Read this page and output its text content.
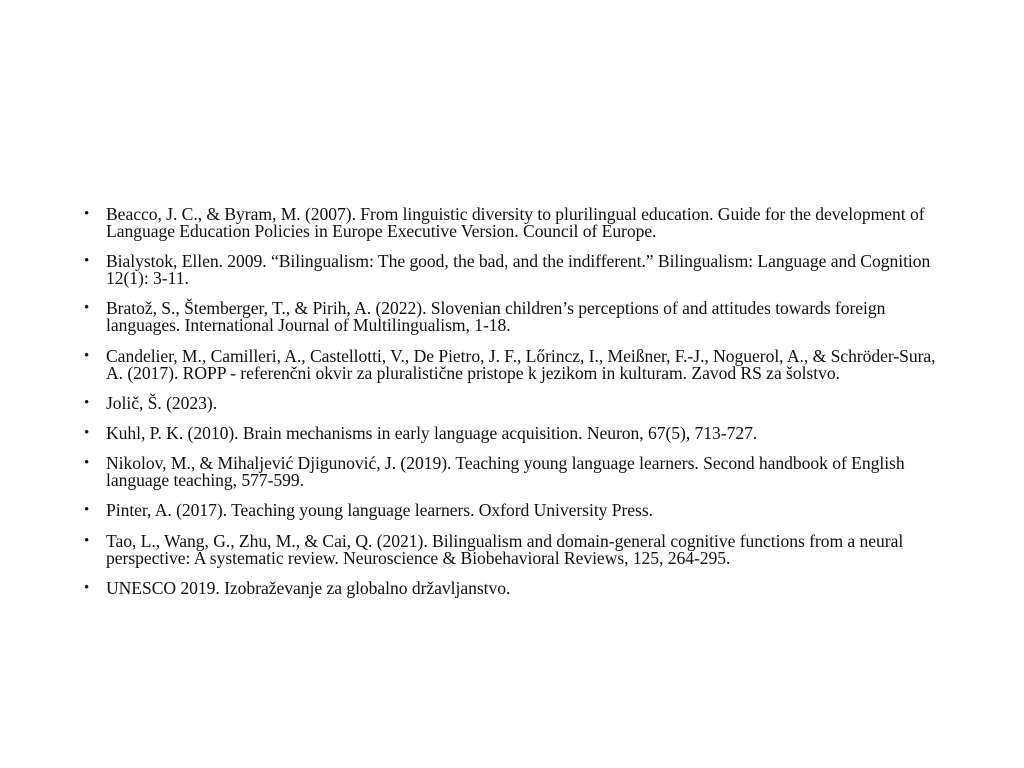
• Beacco, J. C., & Byram, M. (2007). From linguistic diversity to plurilingual education. Guide for the development of Language Education Policies in Europe Executive Version. Council of Europe.
• Bialystok, Ellen. 2009. “Bilingualism: The good, the bad, and the indifferent.” Bilingualism: Language and Cognition 12(1): 3-11.
• Bratož, S., Štemberger, T., & Pirih, A. (2022). Slovenian children’s perceptions of and attitudes towards foreign languages. International Journal of Multilingualism, 1-18.
• Candelier, M., Camilleri, A., Castellotti, V., De Pietro, J. F., Lőrincz, I., Meißner, F.-J., Noguerol, A., & Schröder-Sura, A. (2017). ROPP - referenčni okvir za pluralistične pristope k jezikom in kulturam. Zavod RS za šolstvo.
• Jolič, Š. (2023).
• Kuhl, P. K. (2010). Brain mechanisms in early language acquisition. Neuron, 67(5), 713-727.
• Nikolov, M., & Mihaljević Djigunović, J. (2019). Teaching young language learners. Second handbook of English language teaching, 577-599.
• Pinter, A. (2017). Teaching young language learners. Oxford University Press.
• Tao, L., Wang, G., Zhu, M., & Cai, Q. (2021). Bilingualism and domain-general cognitive functions from a neural perspective: A systematic review. Neuroscience & Biobehavioral Reviews, 125, 264-295.
• UNESCO 2019. Izobraževanje za globalno državljanstvo.
